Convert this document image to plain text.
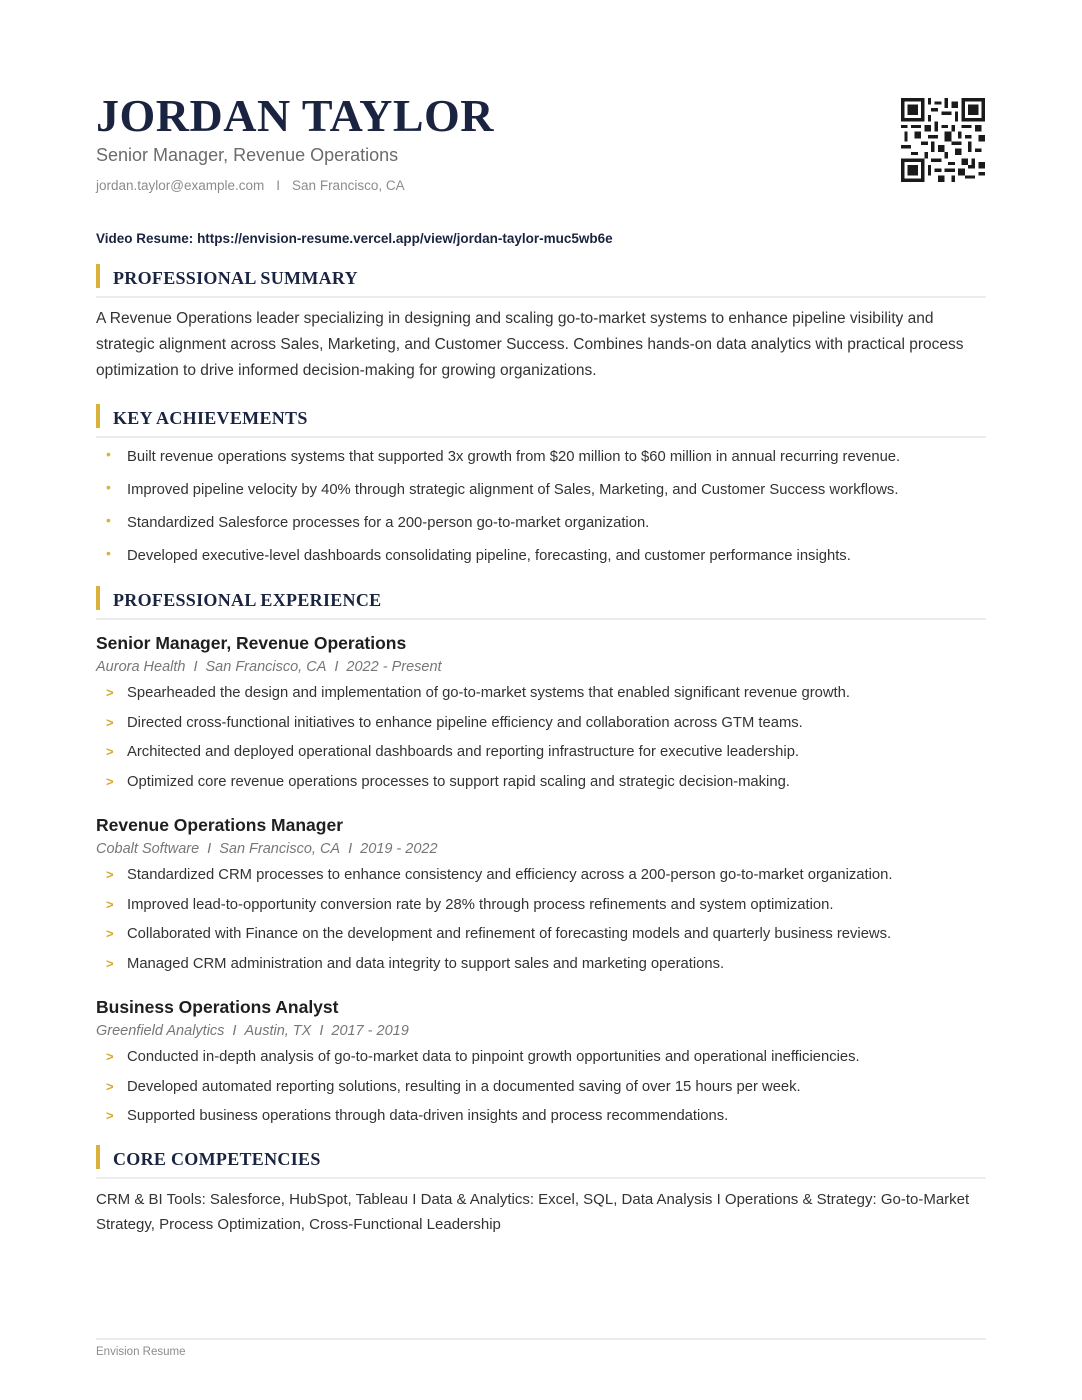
JORDAN TAYLOR
Senior Manager, Revenue Operations
jordan.taylor@example.com I San Francisco, CA
Video Resume: https://envision-resume.vercel.app/view/jordan-taylor-muc5wb6e
PROFESSIONAL SUMMARY
A Revenue Operations leader specializing in designing and scaling go-to-market systems to enhance pipeline visibility and strategic alignment across Sales, Marketing, and Customer Success. Combines hands-on data analytics with practical process optimization to drive informed decision-making for growing organizations.
KEY ACHIEVEMENTS
• Built revenue operations systems that supported 3x growth from $20 million to $60 million in annual recurring revenue.
• Improved pipeline velocity by 40% through strategic alignment of Sales, Marketing, and Customer Success workflows.
• Standardized Salesforce processes for a 200-person go-to-market organization.
• Developed executive-level dashboards consolidating pipeline, forecasting, and customer performance insights.
PROFESSIONAL EXPERIENCE
Senior Manager, Revenue Operations
Aurora Health I San Francisco, CA I 2022 - Present
> Spearheaded the design and implementation of go-to-market systems that enabled significant revenue growth.
> Directed cross-functional initiatives to enhance pipeline efficiency and collaboration across GTM teams.
> Architected and deployed operational dashboards and reporting infrastructure for executive leadership.
> Optimized core revenue operations processes to support rapid scaling and strategic decision-making.
Revenue Operations Manager
Cobalt Software I San Francisco, CA I 2019 - 2022
> Standardized CRM processes to enhance consistency and efficiency across a 200-person go-to-market organization.
> Improved lead-to-opportunity conversion rate by 28% through process refinements and system optimization.
> Collaborated with Finance on the development and refinement of forecasting models and quarterly business reviews.
> Managed CRM administration and data integrity to support sales and marketing operations.
Business Operations Analyst
Greenfield Analytics I Austin, TX I 2017 - 2019
> Conducted in-depth analysis of go-to-market data to pinpoint growth opportunities and operational inefficiencies.
> Developed automated reporting solutions, resulting in a documented saving of over 15 hours per week.
> Supported business operations through data-driven insights and process recommendations.
CORE COMPETENCIES
CRM & BI Tools: Salesforce, HubSpot, Tableau I Data & Analytics: Excel, SQL, Data Analysis I Operations & Strategy: Go-to-Market Strategy, Process Optimization, Cross-Functional Leadership
Envision Resume
